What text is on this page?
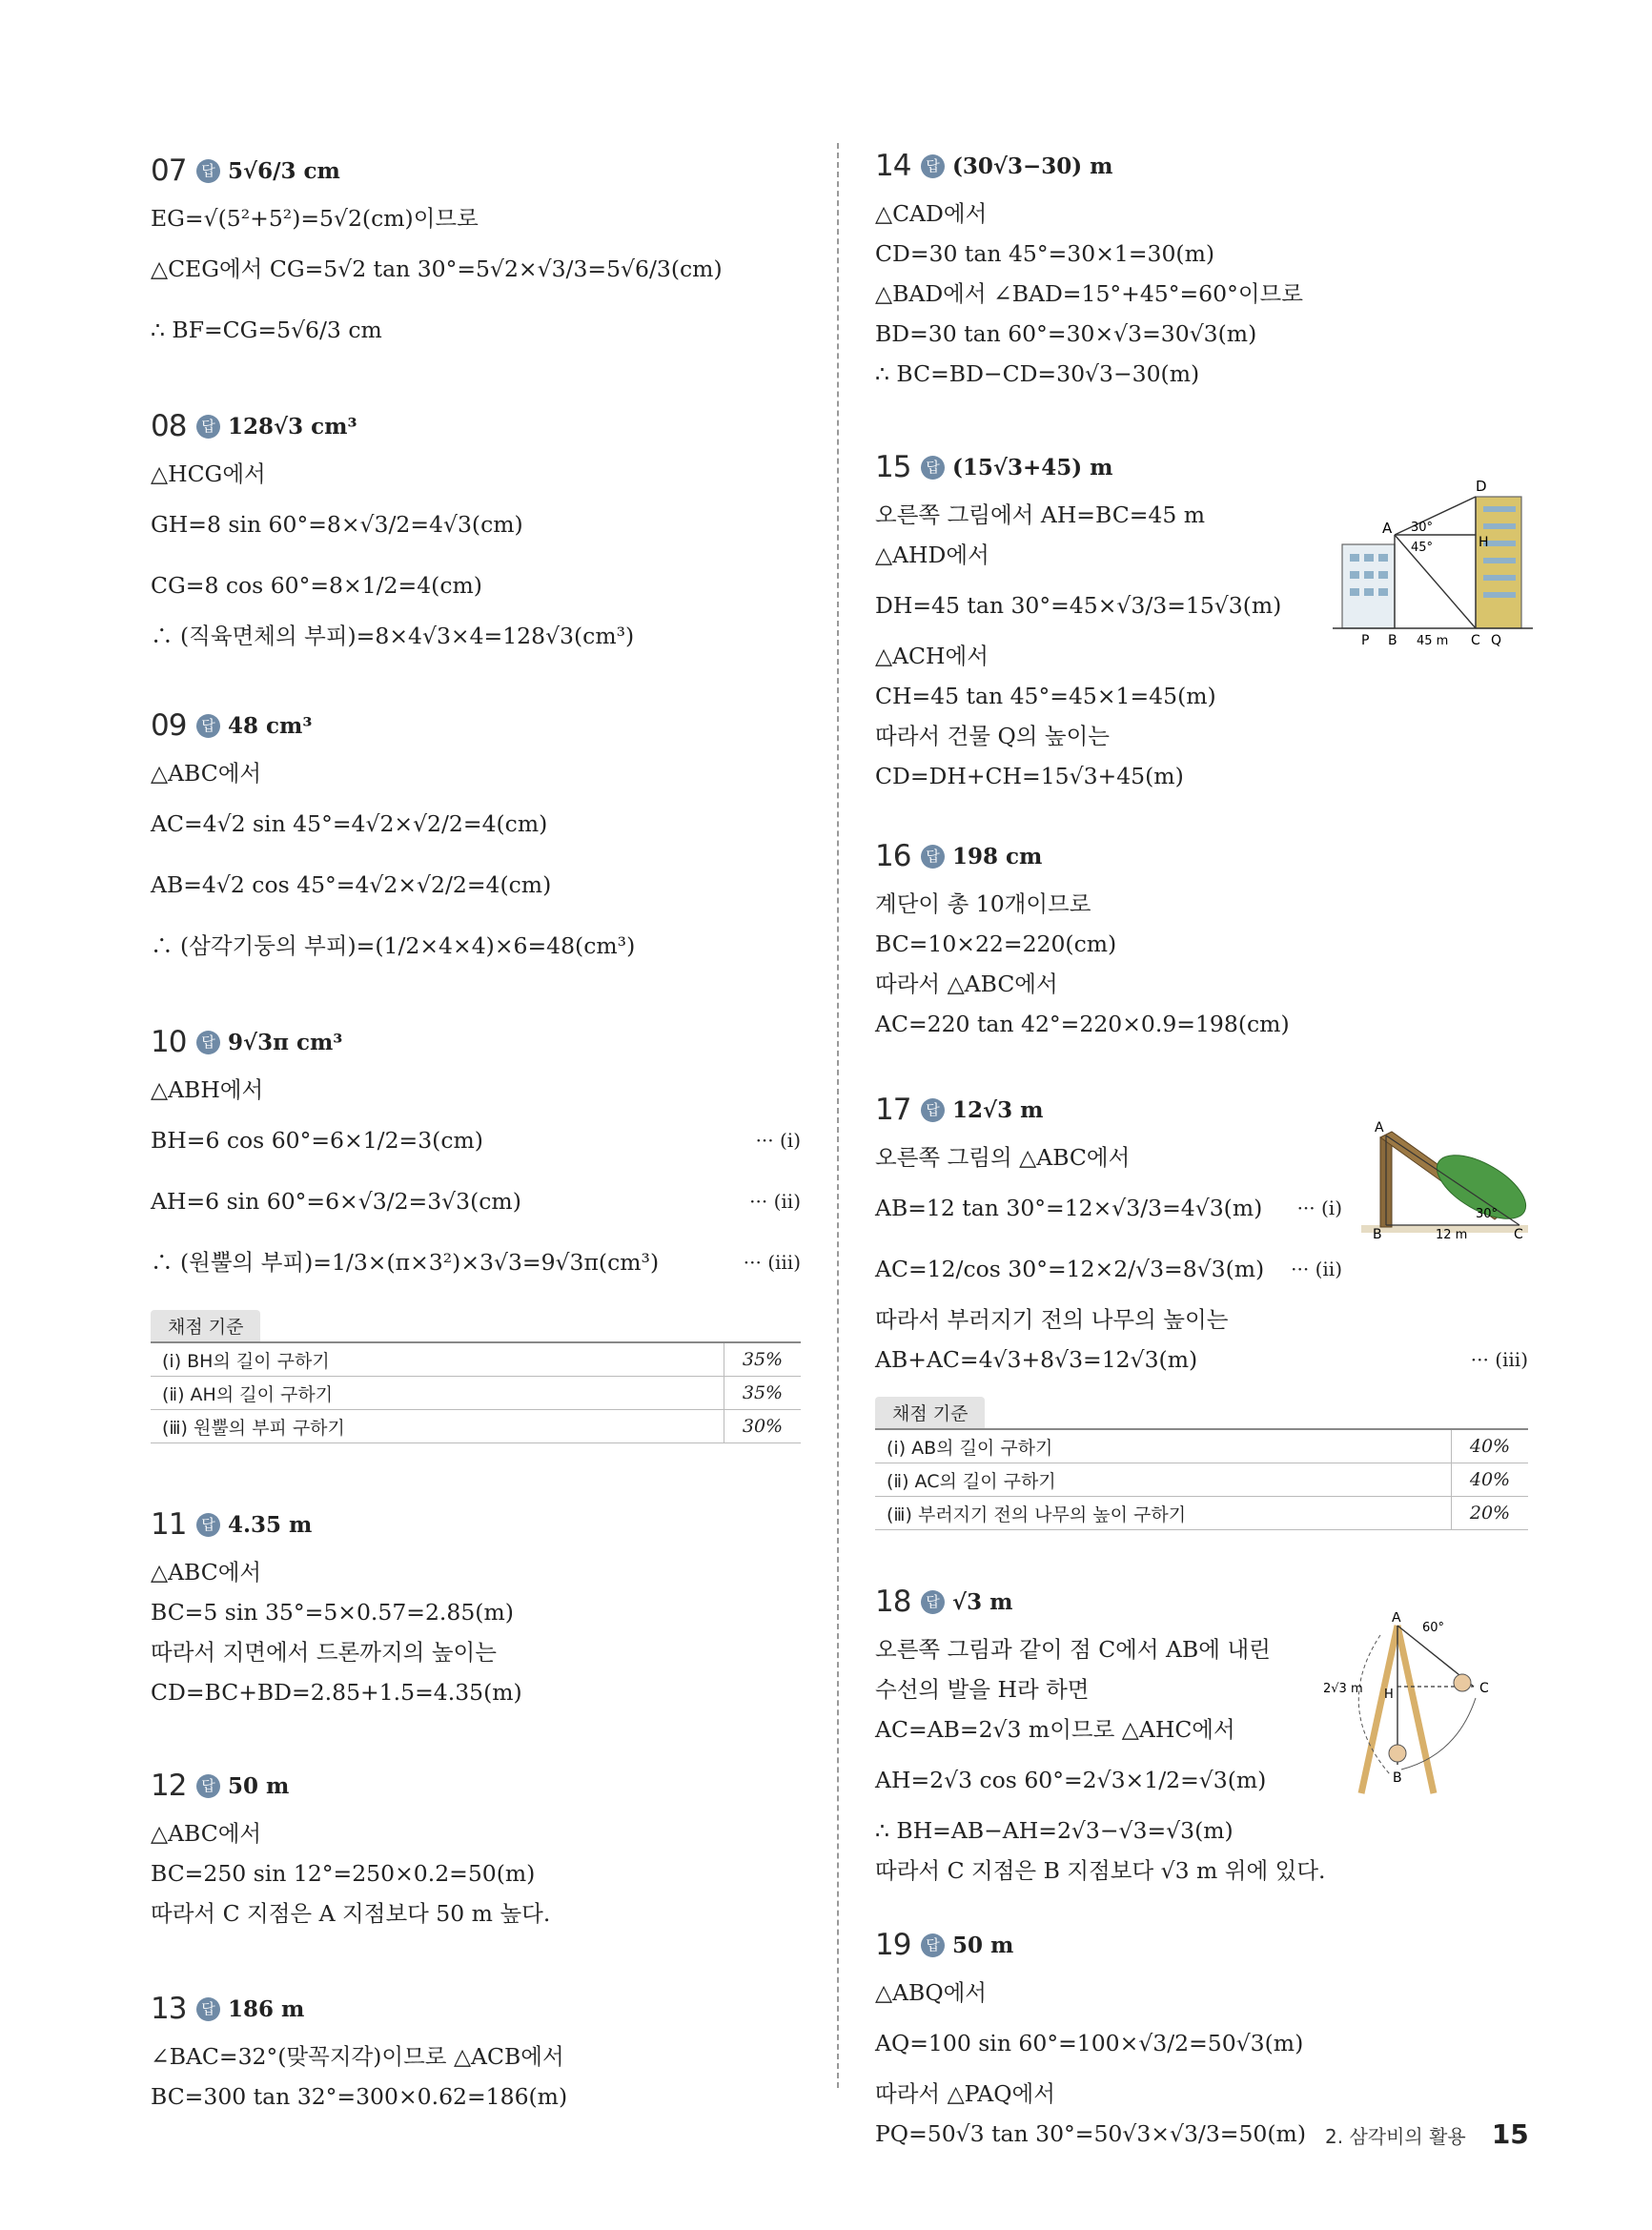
07	답 5√6/3 cm
EG=√(5²+5²)=5√2(cm)이므로
△CEG에서 CG=5√2 tan 30°=5√2×√3/3=5√6/3(cm)
∴ BF=CG=5√6/3 cm
08	답 128√3 cm³
△HCG에서
GH=8 sin 60°=8×√3/2=4√3(cm)
CG=8 cos 60°=8×1/2=4(cm)
∴ (직육면체의 부피)=8×4√3×4=128√3(cm³)
09	답 48 cm³
△ABC에서
AC=4√2 sin 45°=4√2×√2/2=4(cm)
AB=4√2 cos 45°=4√2×√2/2=4(cm)
∴ (삼각기둥의 부피)=(1/2×4×4)×6=48(cm³)
10	답 9√3π cm³
△ABH에서
BH=6 cos 60°=6×1/2=3(cm)	··· (ⅰ)
AH=6 sin 60°=6×√3/2=3√3(cm)	··· (ⅱ)
∴ (원뿔의 부피)=1/3×(π×3²)×3√3=9√3π(cm³)	··· (ⅲ)
채점 기준
(ⅰ) BH의 길이 구하기	35%
(ⅱ) AH의 길이 구하기	35%
(ⅲ) 원뿔의 부피 구하기	30%
11	답 4.35 m
△ABC에서
BC=5 sin 35°=5×0.57=2.85(m)
따라서 지면에서 드론까지의 높이는
CD=BC+BD=2.85+1.5=4.35(m)
12	답 50 m
△ABC에서
BC=250 sin 12°=250×0.2=50(m)
따라서 C 지점은 A 지점보다 50 m 높다.
13	답 186 m
∠BAC=32°(맞꼭지각)이므로 △ACB에서
BC=300 tan 32°=300×0.62=186(m)
14	답 (30√3−30) m
△CAD에서
CD=30 tan 45°=30×1=30(m)
△BAD에서 ∠BAD=15°+45°=60°이므로
BD=30 tan 60°=30×√3=30√3(m)
∴ BC=BD−CD=30√3−30(m)
15	답 (15√3+45) m
오른쪽 그림에서 AH=BC=45 m
△AHD에서
DH=45 tan 30°=45×√3/3=15√3(m)
△ACH에서
CH=45 tan 45°=45×1=45(m)
따라서 건물 Q의 높이는
CD=DH+CH=15√3+45(m)
D
A 30°
45°	H
P B 45 m C Q
16	답 198 cm
계단이 총 10개이므로
BC=10×22=220(cm)
따라서 △ABC에서
AC=220 tan 42°=220×0.9=198(cm)
17	답 12√3 m
오른쪽 그림의 △ABC에서
AB=12 tan 30°=12×√3/3=4√3(m) ··· (ⅰ)
AC=12/cos 30°=12×2/√3=8√3(m) ··· (ⅱ)
따라서 부러지기 전의 나무의 높이는
AB+AC=4√3+8√3=12√3(m)	··· (ⅲ)
A
30°
B	12 m	C
채점 기준
(ⅰ) AB의 길이 구하기	40%
(ⅱ) AC의 길이 구하기	40%
(ⅲ) 부러지기 전의 나무의 높이 구하기	20%
18	답 √3 m
오른쪽 그림과 같이 점 C에서 AB에 내린
수선의 발을 H라 하면
AC=AB=2√3 m이므로 △AHC에서
AH=2√3 cos 60°=2√3×1/2=√3(m)
∴ BH=AB−AH=2√3−√3=√3(m)
따라서 C 지점은 B 지점보다 √3 m 위에 있다.
A
60°
2√3 m H	C
B
19	답 50 m
△ABQ에서
AQ=100 sin 60°=100×√3/2=50√3(m)
따라서 △PAQ에서
PQ=50√3 tan 30°=50√3×√3/3=50(m)	2. 삼각비의 활용 15
